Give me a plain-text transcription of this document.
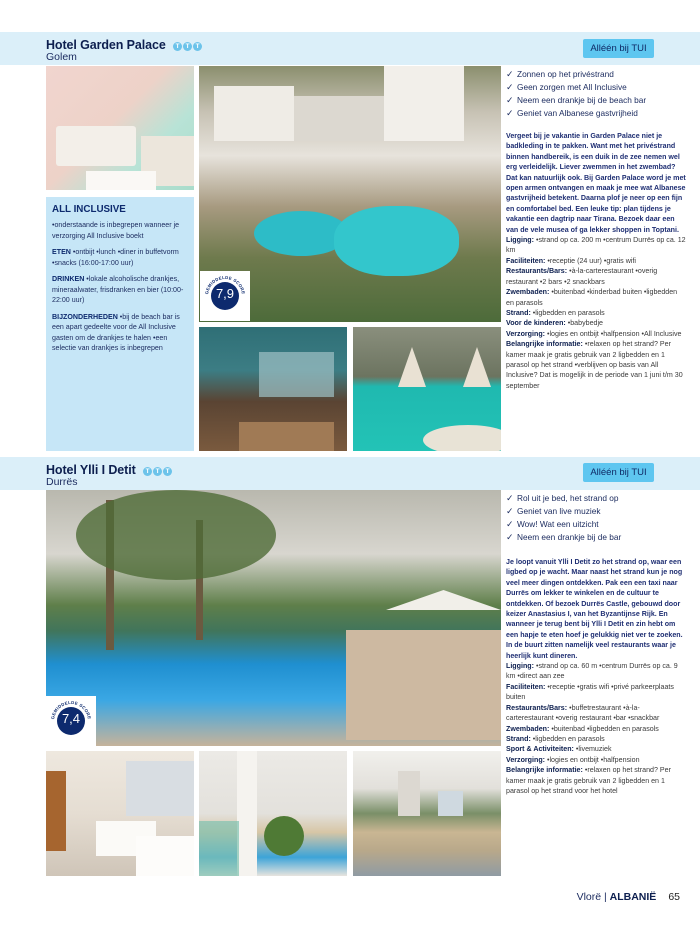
Hotel Garden Palace	T T T
Golem
Alléén bij TUI
GEMIDDELDE SCORE
7,9
ALL INCLUSIVE
•onderstaande is inbegrepen wanneer je verzorging All Inclusive boekt
ETEN •ontbijt •lunch •diner in buffetvorm •snacks (16:00-17:00 uur)
DRINKEN •lokale alcoholische drankjes, mineraalwater, frisdranken en bier (10:00-22:00 uur)
BIJZONDERHEDEN •bij de beach bar is een apart gedeelte voor de All Inclusive gasten om de drankjes te halen •een selectie van drankjes is inbegrepen
✓ Zonnen op het privéstrand
✓ Geen zorgen met All Inclusive
✓ Neem een drankje bij de beach bar
✓ Geniet van Albanese gastvrijheid
Vergeet bij je vakantie in Garden Palace niet je badkleding in te pakken. Want met het privéstrand binnen handbereik, is een duik in de zee nemen wel erg verleidelijk. Liever zwemmen in het zwembad? Dat kan natuurlijk ook. Bij Garden Palace word je met open armen ontvangen en maak je mee wat Albanese gastvrijheid betekent. Daarna plof je neer op een fijn en comfortabel bed. Een leuke tip: plan tijdens je vakantie een dagtrip naar Tirana. Bezoek daar een van de vele musea of ga lekker shoppen in Toptani.
Ligging: •strand op ca. 200 m •centrum Durrës op ca. 12 km
Faciliteiten: •receptie (24 uur) •gratis wifi
Restaurants/Bars: •à-la-carterestaurant •overig restaurant •2 bars •2 snackbars
Zwembaden: •buitenbad •kinderbad buiten •ligbedden en parasols
Strand: •ligbedden en parasols
Voor de kinderen: •babybedje
Verzorging: •logies en ontbijt •halfpension •All Inclusive
Belangrijke informatie: •relaxen op het strand? Per kamer maak je gratis gebruik van 2 ligbedden en 1 parasol op het strand •verblijven op basis van All Inclusive? Dat is mogelijk in de periode van 1 juni t/m 30 september
Hotel Ylli I Detit	T T T
Durrës
Alléén bij TUI
GEMIDDELDE SCORE
7,4
✓ Rol uit je bed, het strand op
✓ Geniet van live muziek
✓ Wow! Wat een uitzicht
✓ Neem een drankje bij de bar
Je loopt vanuit Ylli I Detit zo het strand op, waar een ligbed op je wacht. Maar naast het strand kun je nog veel meer dingen ontdekken. Pak een een taxi naar Durrës om lekker te winkelen en de cultuur te ontdekken. Of bezoek Durrës Castle, gebouwd door keizer Anastasius I, van het Byzantijnse Rijk. En wanneer je terug bent bij Ylli I Detit en zin hebt om een hapje te eten hoef je gelukkig niet ver te zoeken. In de buurt zitten namelijk veel restaurants waar je heerlijk kunt dineren.
Ligging: •strand op ca. 60 m •centrum Durrës op ca. 9 km •direct aan zee
Faciliteiten: •receptie •gratis wifi •privé parkeerplaats buiten
Restaurants/Bars: •buffetrestaurant •à-la-carterestaurant •overig restaurant •bar •snackbar
Zwembaden: •buitenbad •ligbedden en parasols
Strand: •ligbedden en parasols
Sport & Activiteiten: •livemuziek
Verzorging: •logies en ontbijt •halfpension
Belangrijke informatie: •relaxen op het strand? Per kamer maak je gratis gebruik van 2 ligbedden en 1 parasol op het strand voor het hotel
Vlorë | ALBANIË 65
